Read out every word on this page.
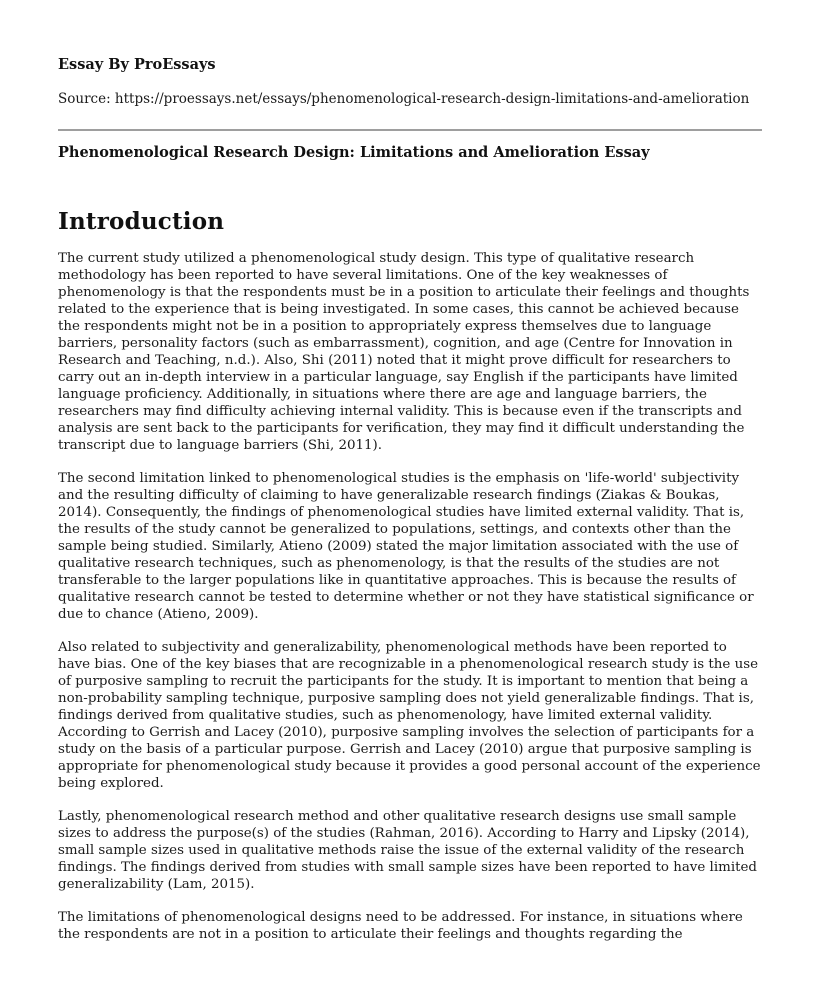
Essay By ProEssays
Source: https://proessays.net/essays/phenomenological-research-design-limitations-and-amelioration
Phenomenological Research Design: Limitations and Amelioration Essay
Introduction

The current study utilized a phenomenological study design. This type of qualitative research methodology has been reported to have several limitations. One of the key weaknesses of phenomenology is that the respondents must be in a position to articulate their feelings and thoughts related to the experience that is being investigated. In some cases, this cannot be achieved because the respondents might not be in a position to appropriately express themselves due to language barriers, personality factors (such as embarrassment), cognition, and age (Centre for Innovation in Research and Teaching, n.d.). Also, Shi (2011) noted that it might prove difficult for researchers to carry out an in-depth interview in a particular language, say English if the participants have limited language proficiency. Additionally, in situations where there are age and language barriers, the researchers may find difficulty achieving internal validity. This is because even if the transcripts and analysis are sent back to the participants for verification, they may find it difficult understanding the transcript due to language barriers (Shi, 2011).

The second limitation linked to phenomenological studies is the emphasis on 'life-world' subjectivity and the resulting difficulty of claiming to have generalizable research findings (Ziakas & Boukas, 2014). Consequently, the findings of phenomenological studies have limited external validity. That is, the results of the study cannot be generalized to populations, settings, and contexts other than the sample being studied. Similarly, Atieno (2009) stated the major limitation associated with the use of qualitative research techniques, such as phenomenology, is that the results of the studies are not transferable to the larger populations like in quantitative approaches. This is because the results of qualitative research cannot be tested to determine whether or not they have statistical significance or due to chance (Atieno, 2009).

Also related to subjectivity and generalizability, phenomenological methods have been reported to have bias. One of the key biases that are recognizable in a phenomenological research study is the use of purposive sampling to recruit the participants for the study. It is important to mention that being a non-probability sampling technique, purposive sampling does not yield generalizable findings. That is, findings derived from qualitative studies, such as phenomenology, have limited external validity. According to Gerrish and Lacey (2010), purposive sampling involves the selection of participants for a study on the basis of a particular purpose. Gerrish and Lacey (2010) argue that purposive sampling is appropriate for phenomenological study because it provides a good personal account of the experience being explored.

Lastly, phenomenological research method and other qualitative research designs use small sample sizes to address the purpose(s) of the studies (Rahman, 2016). According to Harry and Lipsky (2014), small sample sizes used in qualitative methods raise the issue of the external validity of the research findings. The findings derived from studies with small sample sizes have been reported to have limited generalizability (Lam, 2015).

The limitations of phenomenological designs need to be addressed. For instance, in situations where the respondents are not in a position to articulate their feelings and thoughts regarding the
